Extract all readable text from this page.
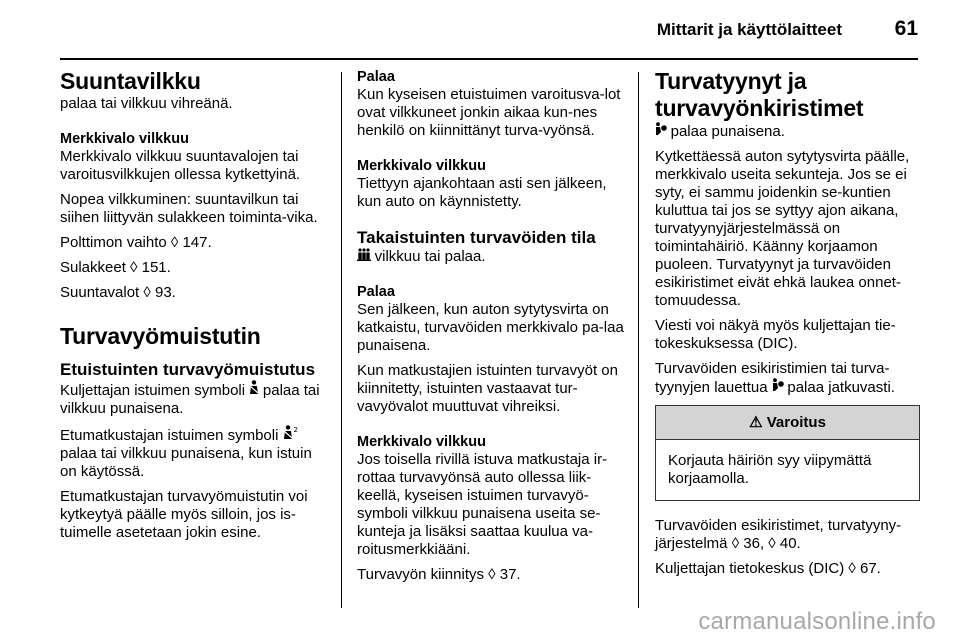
Mittarit ja käyttölaitteet	61
Suuntavilkku

palaa tai vilkkuu vihreänä.

Merkkivalo vilkkuu

Merkkivalo vilkkuu suuntavalojen tai varoitusvilkkujen ollessa kytkettyinä.

Nopea vilkkuminen: suuntavilkun tai siihen liittyvän sulakkeen toiminta-vika.

Polttimon vaihto ◊ 147.

Sulakkeet ◊ 151.

Suuntavalot ◊ 93.

Turvavyömuistutin
Etuistuinten turvavyömuistutus

Kuljettajan istuimen symboli palaa tai vilkkuu punaisena.

Etumatkustajan istuimen symboli 2
palaa tai vilkkuu punaisena, kun istuin on käytössä.

Etumatkustajan turvavyömuistutin voi kytkeytyä päälle myös silloin, jos is-tuimelle asetetaan jokin esine.

Palaa

Kun kyseisen etuistuimen varoitusva-lot ovat vilkkuneet jonkin aikaa kun-nes henkilö on kiinnittänyt turva-vyönsä.

Merkkivalo vilkkuu

Tiettyyn ajankohtaan asti sen jälkeen, kun auto on käynnistetty.

Takaistuinten turvavöiden tila

vilkkuu tai palaa.

Palaa

Sen jälkeen, kun auton sytytysvirta on katkaistu, turvavöiden merkkivalo pa-laa punaisena.

Kun matkustajien istuinten turvavyöt on kiinnitetty, istuinten vastaavat tur-vavyövalot muuttuvat vihreiksi.

Merkkivalo vilkkuu

Jos toisella rivillä istuva matkustaja ir-rottaa turvavyönsä auto ollessa liik-keellä, kyseisen istuimen turvavyö-symboli vilkkuu punaisena useita se-kunteja ja lisäksi saattaa kuulua va-roitusmerkkiääni.

Turvavyön kiinnitys ◊ 37.

Turvatyynyt ja turvavyönkiristimet

palaa punaisena.

Kytkettäessä auton sytytysvirta päälle, merkkivalo useita sekunteja. Jos se ei syty, ei sammu joidenkin se-kuntien kuluttua tai jos se syttyy ajon aikana, turvatyynyjärjestelmässä on toimintahäiriö. Käänny korjaamon puoleen. Turvatyynyt ja turvavöiden esikiristimet eivät ehkä laukea onnet-tomuudessa.

Viesti voi näkyä myös kuljettajan tie-tokeskuksessa (DIC).

Turvavöiden esikiristimien tai turva-tyynyjen lauettua palaa jatkuvasti.

⚠ Varoitus
Korjauta häiriön syy viipymättä korjaamolla.

Turvavöiden esikiristimet, turvatyyny-järjestelmä ◊ 36, ◊ 40.

Kuljettajan tietokeskus (DIC) ◊ 67.

carmanualsonline.info
